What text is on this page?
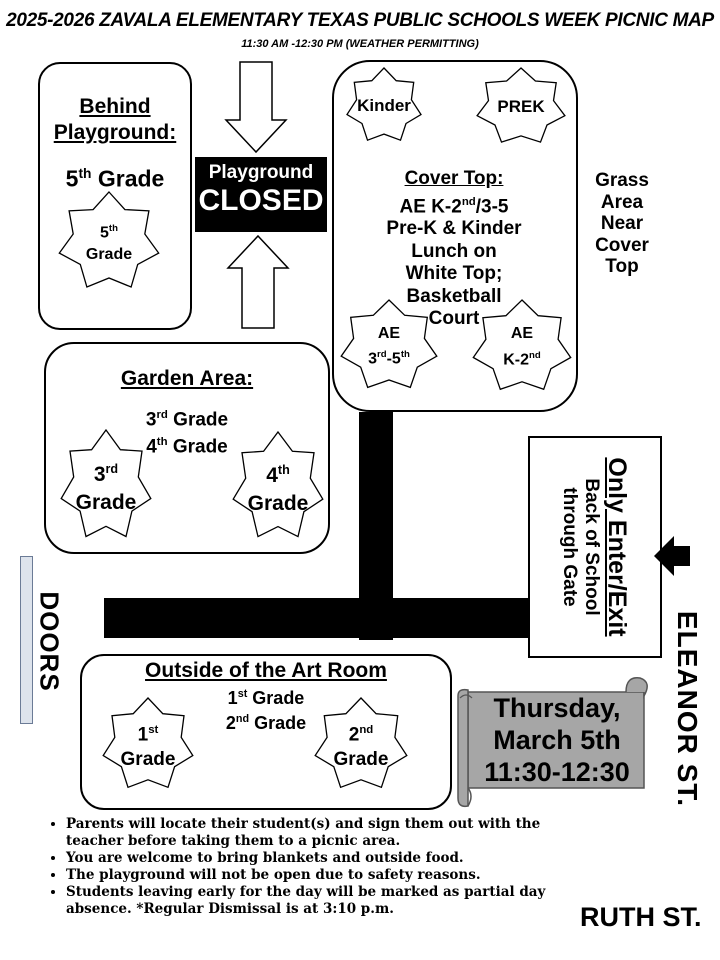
2025-2026 ZAVALA ELEMENTARY TEXAS PUBLIC SCHOOLS WEEK PICNIC MAP
11:30 AM -12:30 PM (WEATHER PERMITTING)
Playground
CLOSED
Behind
Playground:
5th Grade
5th
Grade
Kinder	PREK
Cover Top:
AE K-2nd/3-5
Pre-K & Kinder
Lunch on
White Top;
Basketball
Court
AE
3rd-5th
AE
K-2nd
Grass
Area
Near
Cover
Top
Garden Area:
3rd Grade
4th Grade
3rd
Grade
4th
Grade	Only Enter/Exit
Back of School
through Gate
DOORS	ELEANOR ST.
Outside of the Art Room
1st Grade
2nd Grade
1st
Grade
2nd
Grade
Thursday,
March 5th
11:30-12:30
• Parents will locate their student(s) and sign them out with the teacher before taking them to a picnic area.
• You are welcome to bring blankets and outside food.
• The playground will not be open due to safety reasons.
• Students leaving early for the day will be marked as partial day absence. *Regular Dismissal is at 3:10 p.m.	RUTH ST.
